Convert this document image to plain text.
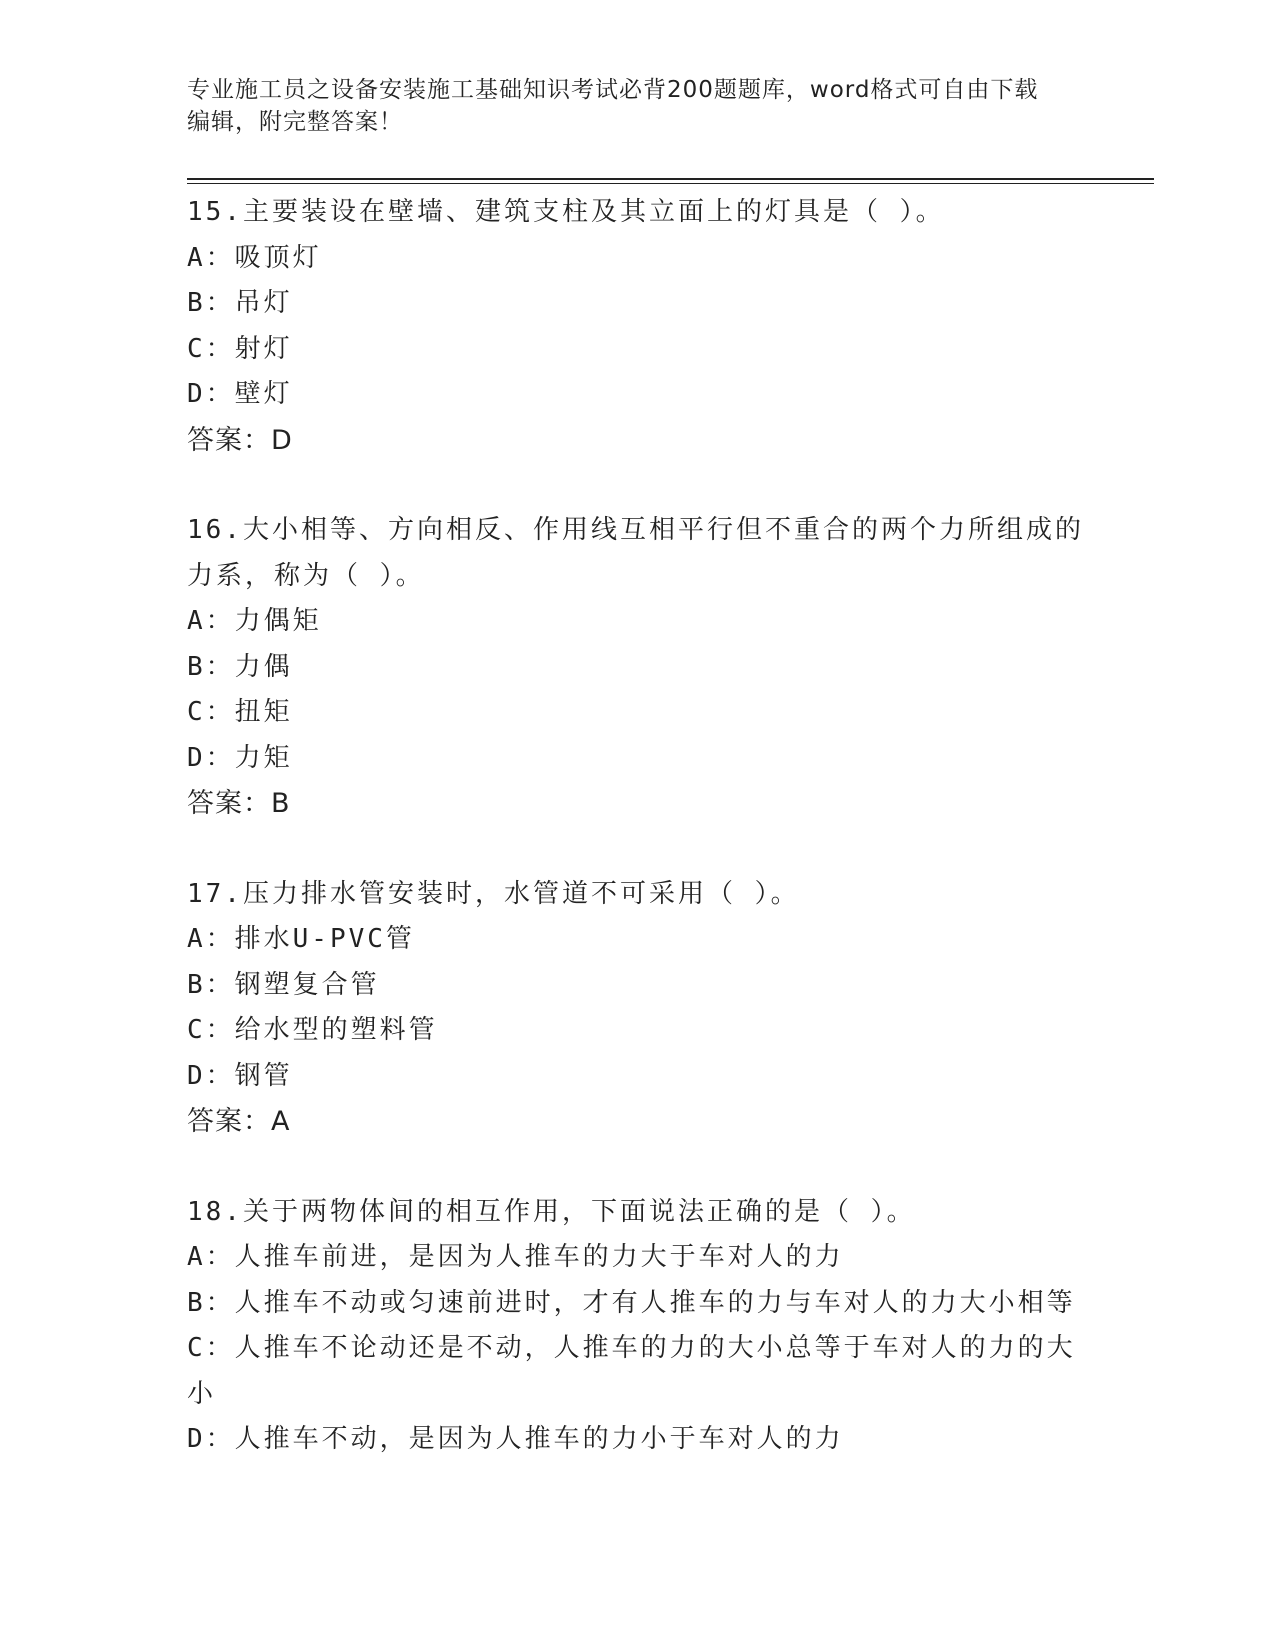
专业施工员之设备安装施工基础知识考试必背200题题库，word格式可自由下载
编辑，附完整答案！

15.主要装设在壁墙、建筑支柱及其立面上的灯具是（ ）。

A：吸顶灯

B：吊灯

C：射灯

D：壁灯

答案：D

16.大小相等、方向相反、作用线互相平行但不重合的两个力所组成的力系，称为（ ）。

A：力偶矩

B：力偶

C：扭矩

D：力矩

答案：B

17.压力排水管安装时，水管道不可采用（ ）。

A：排水U-PVC管

B：钢塑复合管

C：给水型的塑料管

D：钢管

答案：A

18.关于两物体间的相互作用，下面说法正确的是（ ）。

A：人推车前进，是因为人推车的力大于车对人的力

B：人推车不动或匀速前进时，才有人推车的力与车对人的力大小相等

C：人推车不论动还是不动，人推车的力的大小总等于车对人的力的大小

D：人推车不动，是因为人推车的力小于车对人的力
